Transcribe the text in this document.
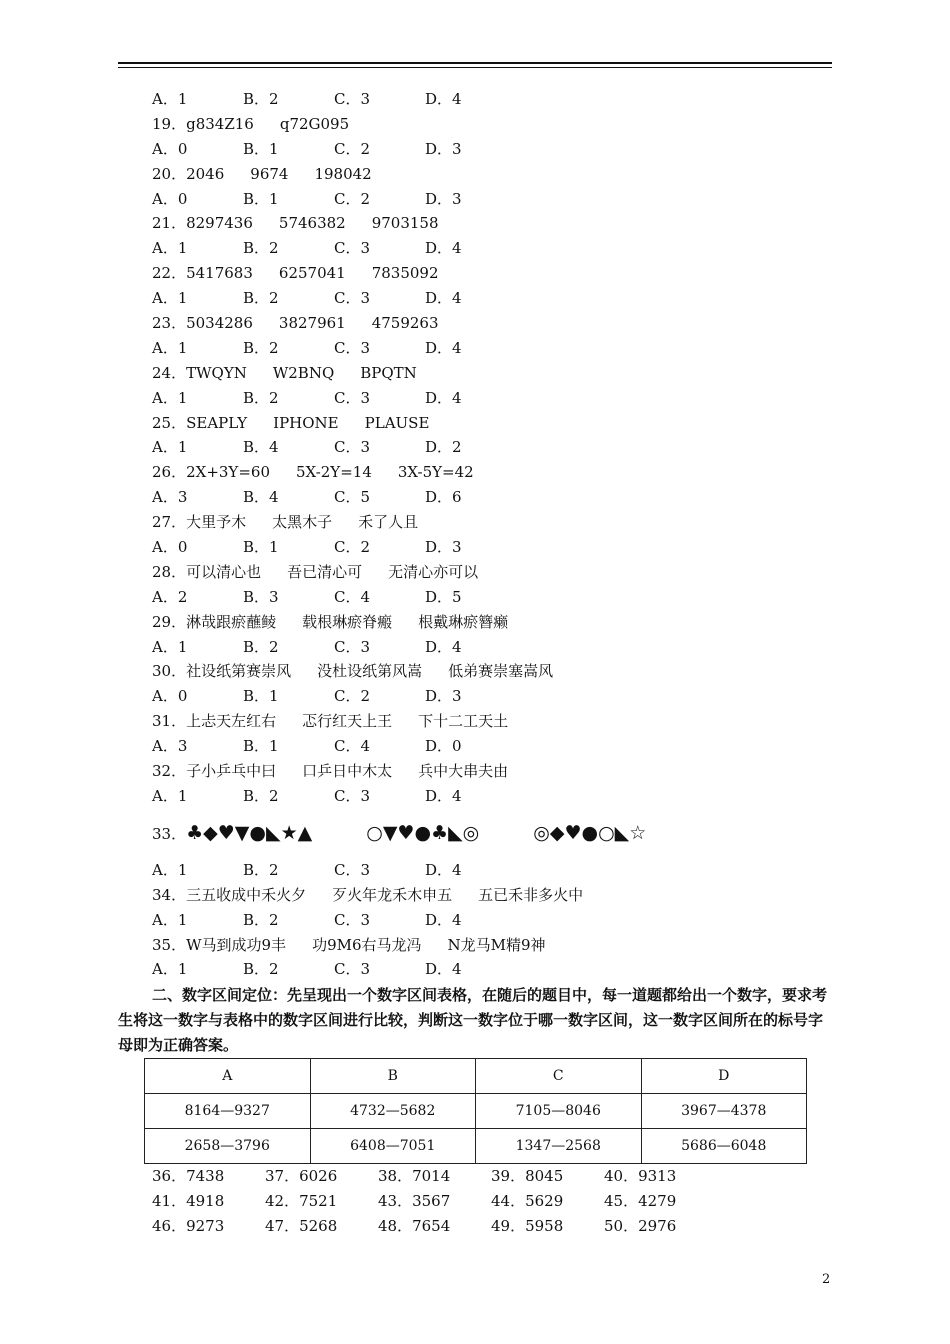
A．1	B．2	C．3	D．4
19．g834Z16 q72G095
A．0	B．1	C．2	D．3
20．2046 9674 198042
A．0	B．1	C．2	D．3
21．8297436 5746382 9703158
A．1	B．2	C．3	D．4
22．5417683 6257041 7835092
A．1	B．2	C．3	D．4
23．5034286 3827961 4759263
A．1	B．2	C．3	D．4
24．TWQYN W2BNQ BPQTN
A．1	B．2	C．3	D．4
25．SEAPLY IPHONE PLAUSE
A．1	B．4	C．3	D．2
26．2X+3Y=60 5X-2Y=14 3X-5Y=42
A．3	B．4	C．5	D．6
27．大里予木 太黑木子 禾了人且
A．0	B．1	C．2	D．3
28．可以清心也 吾已清心可 无清心亦可以
A．2	B．3	C．4	D．5
29．淋哉跟瘀蘸鲮 载根琳瘀脊瘢 根戴琳瘀簪癞
A．1	B．2	C．3	D．4
30．社设纸第赛崇风 没杜设纸第风嵩 低弟赛崇塞嵩风
A．0	B．1	C．2	D．3
31．上忐天左红右 忑行红天上王 下十二工天土
A．3	B．1	C．4	D．0
32．子小乒乓中曰 口乒日中木太 兵中大串夫由
A．1	B．2	C．3	D．4
33．♣◆♥▼●◣★▲	○▼♥●♣◣◎	◎◆♥●○◣☆
A．1	B．2	C．3	D．4
34．三五收成中禾火夕 歹火年龙禾木申五 五已禾非多火中
A．1	B．2	C．3	D．4
35．W马到成功9丰 功9M6右马龙冯 N龙马M精9神
A．1	B．2	C．3	D．4
二、数字区间定位：先呈现出一个数字区间表格，在随后的题目中，每一道题都给出一个数字，要求考生将这一数字与表格中的数字区间进行比较，判断这一数字位于哪一数字区间，这一数字区间所在的标号字母即为正确答案。
A	B	C	D
8164—9327	4732—5682	7105—8046	3967—4378
2658—3796	6408—7051	1347—2568	5686—6048
36．7438	37．6026	38．7014	39．8045	40．9313
41．4918	42．7521	43．3567	44．5629	45．4279
46．9273	47．5268	48．7654	49．5958	50．2976
2
